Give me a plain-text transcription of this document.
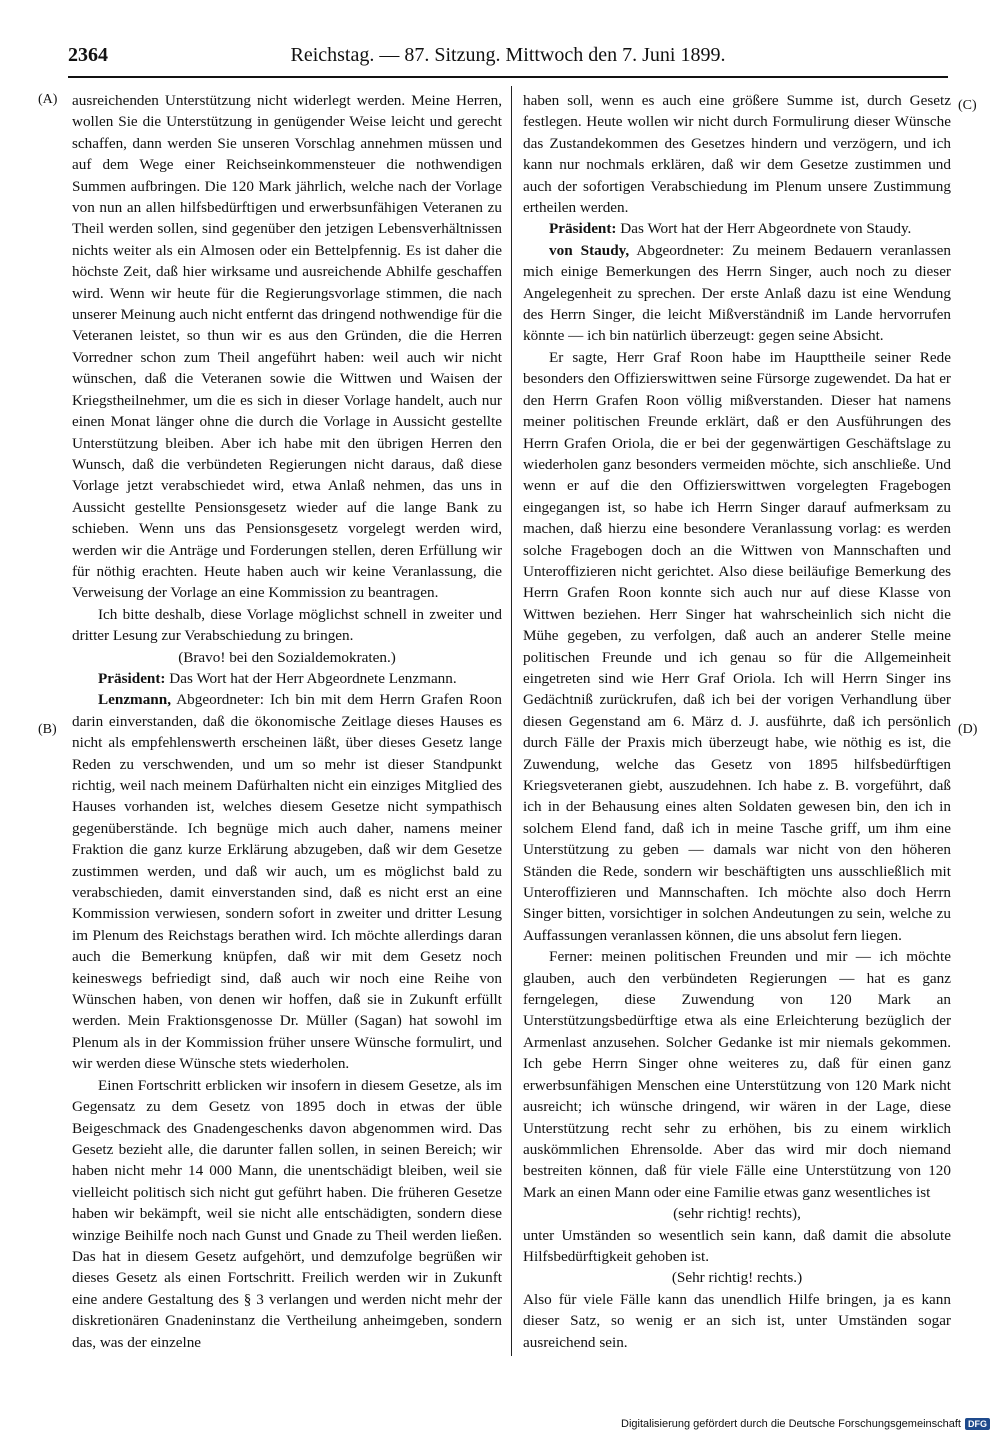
2364	Reichstag. — 87. Sitzung. Mittwoch den 7. Juni 1899.
(A)
(B)
(C)
(D)

ausreichenden Unterstützung nicht widerlegt werden. Meine Herren, wollen Sie die Unterstützung in genügender Weise leicht und gerecht schaffen, dann werden Sie unseren Vorschlag annehmen müssen und auf dem Wege einer Reichseinkommensteuer die nothwendigen Summen aufbringen. Die 120 Mark jährlich, welche nach der Vorlage von nun an allen hilfsbedürftigen und erwerbsunfähigen Veteranen zu Theil werden sollen, sind gegenüber den jetzigen Lebensverhältnissen nichts weiter als ein Almosen oder ein Bettelpfennig. Es ist daher die höchste Zeit, daß hier wirksame und ausreichende Abhilfe geschaffen wird. Wenn wir heute für die Regierungsvorlage stimmen, die nach unserer Meinung auch nicht entfernt das dringend nothwendige für die Veteranen leistet, so thun wir es aus den Gründen, die die Herren Vorredner schon zum Theil angeführt haben: weil auch wir nicht wünschen, daß die Veteranen sowie die Wittwen und Waisen der Kriegstheilnehmer, um die es sich in dieser Vorlage handelt, auch nur einen Monat länger ohne die durch die Vorlage in Aussicht gestellte Unterstützung bleiben. Aber ich habe mit den übrigen Herren den Wunsch, daß die verbündeten Regierungen nicht daraus, daß diese Vorlage jetzt verabschiedet wird, etwa Anlaß nehmen, das uns in Aussicht gestellte Pensionsgesetz wieder auf die lange Bank zu schieben. Wenn uns das Pensionsgesetz vorgelegt werden wird, werden wir die Anträge und Forderungen stellen, deren Erfüllung wir für nöthig erachten. Heute haben auch wir keine Veranlassung, die Verweisung der Vorlage an eine Kommission zu beantragen.

Ich bitte deshalb, diese Vorlage möglichst schnell in zweiter und dritter Lesung zur Verabschiedung zu bringen.

(Bravo! bei den Sozialdemokraten.)

Präsident: Das Wort hat der Herr Abgeordnete Lenzmann.

Lenzmann, Abgeordneter: Ich bin mit dem Herrn Grafen Roon darin einverstanden, daß die ökonomische Zeitlage dieses Hauses es nicht als empfehlenswerth erscheinen läßt, über dieses Gesetz lange Reden zu verschwenden, und um so mehr ist dieser Standpunkt richtig, weil nach meinem Dafürhalten nicht ein einziges Mitglied des Hauses vorhanden ist, welches diesem Gesetze nicht sympathisch gegenüberstände. Ich begnüge mich auch daher, namens meiner Fraktion die ganz kurze Erklärung abzugeben, daß wir dem Gesetze zustimmen werden, und daß wir auch, um es möglichst bald zu verabschieden, damit einverstanden sind, daß es nicht erst an eine Kommission verwiesen, sondern sofort in zweiter und dritter Lesung im Plenum des Reichstags berathen wird. Ich möchte allerdings daran auch die Bemerkung knüpfen, daß wir mit dem Gesetz noch keineswegs befriedigt sind, daß auch wir noch eine Reihe von Wünschen haben, von denen wir hoffen, daß sie in Zukunft erfüllt werden. Mein Fraktionsgenosse Dr. Müller (Sagan) hat sowohl im Plenum als in der Kommission früher unsere Wünsche formulirt, und wir werden diese Wünsche stets wiederholen.

Einen Fortschritt erblicken wir insofern in diesem Gesetze, als im Gegensatz zu dem Gesetz von 1895 doch in etwas der üble Beigeschmack des Gnadengeschenks davon abgenommen wird. Das Gesetz bezieht alle, die darunter fallen sollen, in seinen Bereich; wir haben nicht mehr 14 000 Mann, die unentschädigt bleiben, weil sie vielleicht politisch sich nicht gut geführt haben. Die früheren Gesetze haben wir bekämpft, weil sie nicht alle entschädigten, sondern diese winzige Beihilfe noch nach Gunst und Gnade zu Theil werden ließen. Das hat in diesem Gesetz aufgehört, und demzufolge begrüßen wir dieses Gesetz als einen Fortschritt. Freilich werden wir in Zukunft eine andere Gestaltung des § 3 verlangen und werden nicht mehr der diskretionären Gnadeninstanz die Vertheilung anheimgeben, sondern das, was der einzelne

haben soll, wenn es auch eine größere Summe ist, durch Gesetz festlegen. Heute wollen wir nicht durch Formulirung dieser Wünsche das Zustandekommen des Gesetzes hindern und verzögern, und ich kann nur nochmals erklären, daß wir dem Gesetze zustimmen und auch der sofortigen Verabschiedung im Plenum unsere Zustimmung ertheilen werden.

Präsident: Das Wort hat der Herr Abgeordnete von Staudy.

von Staudy, Abgeordneter: Zu meinem Bedauern veranlassen mich einige Bemerkungen des Herrn Singer, auch noch zu dieser Angelegenheit zu sprechen. Der erste Anlaß dazu ist eine Wendung des Herrn Singer, die leicht Mißverständniß im Lande hervorrufen könnte — ich bin natürlich überzeugt: gegen seine Absicht.

Er sagte, Herr Graf Roon habe im Haupttheile seiner Rede besonders den Offizierswittwen seine Fürsorge zugewendet. Da hat er den Herrn Grafen Roon völlig mißverstanden. Dieser hat namens meiner politischen Freunde erklärt, daß er den Ausführungen des Herrn Grafen Oriola, die er bei der gegenwärtigen Geschäftslage zu wiederholen ganz besonders vermeiden möchte, sich anschließe. Und wenn er auf die den Offizierswittwen vorgelegten Fragebogen eingegangen ist, so habe ich Herrn Singer darauf aufmerksam zu machen, daß hierzu eine besondere Veranlassung vorlag: es werden solche Fragebogen doch an die Wittwen von Mannschaften und Unteroffizieren nicht gerichtet. Also diese beiläufige Bemerkung des Herrn Grafen Roon konnte sich auch nur auf diese Klasse von Wittwen beziehen. Herr Singer hat wahrscheinlich sich nicht die Mühe gegeben, zu verfolgen, daß auch an anderer Stelle meine politischen Freunde und ich genau so für die Allgemeinheit eingetreten sind wie Herr Graf Oriola. Ich will Herrn Singer ins Gedächtniß zurückrufen, daß ich bei der vorigen Verhandlung über diesen Gegenstand am 6. März d. J. ausführte, daß ich persönlich durch Fälle der Praxis mich überzeugt habe, wie nöthig es ist, die Zuwendung, welche das Gesetz von 1895 hilfsbedürftigen Kriegsveteranen giebt, auszudehnen. Ich habe z. B. vorgeführt, daß ich in der Behausung eines alten Soldaten gewesen bin, den ich in solchem Elend fand, daß ich in meine Tasche griff, um ihm eine Unterstützung zu geben — damals war nicht von den höheren Ständen die Rede, sondern wir beschäftigten uns ausschließlich mit Unteroffizieren und Mannschaften. Ich möchte also doch Herrn Singer bitten, vorsichtiger in solchen Andeutungen zu sein, welche zu Auffassungen veranlassen können, die uns absolut fern liegen.

Ferner: meinen politischen Freunden und mir — ich möchte glauben, auch den verbündeten Regierungen — hat es ganz ferngelegen, diese Zuwendung von 120 Mark an Unterstützungsbedürftige etwa als eine Erleichterung bezüglich der Armenlast anzusehen. Solcher Gedanke ist mir niemals gekommen. Ich gebe Herrn Singer ohne weiteres zu, daß für einen ganz erwerbsunfähigen Menschen eine Unterstützung von 120 Mark nicht ausreicht; ich wünsche dringend, wir wären in der Lage, diese Unterstützung recht sehr zu erhöhen, bis zu einem wirklich auskömmlichen Ehrensolde. Aber das wird mir doch niemand bestreiten können, daß für viele Fälle eine Unterstützung von 120 Mark an einen Mann oder eine Familie etwas ganz wesentliches ist

(sehr richtig! rechts),

unter Umständen so wesentlich sein kann, daß damit die absolute Hilfsbedürftigkeit gehoben ist.

(Sehr richtig! rechts.)

Also für viele Fälle kann das unendlich Hilfe bringen, ja es kann dieser Satz, so wenig er an sich ist, unter Umständen sogar ausreichend sein.

Digitalisierung gefördert durch die Deutsche Forschungsgemeinschaft DFG
